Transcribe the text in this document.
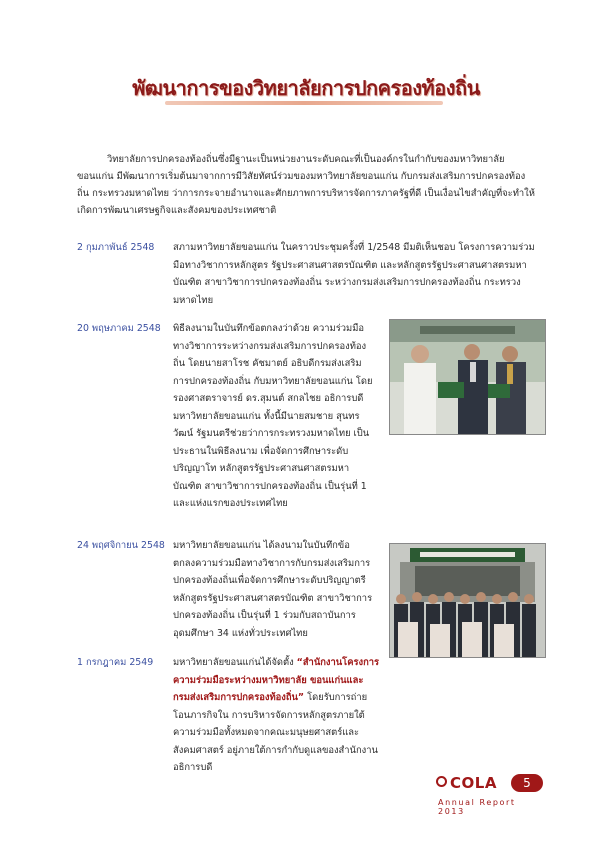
พัฒนาการของวิทยาลัยการปกครองท้องถิ่น
วิทยาลัยการปกครองท้องถิ่นซึ่งมีฐานะเป็นหน่วยงานระดับคณะที่เป็นองค์กรในกำกับของมหาวิทยาลัย
ขอนแก่น มีพัฒนาการเริ่มต้นมาจากการมีวิสัยทัศน์ร่วมของมหาวิทยาลัยขอนแก่น กับกรมส่งเสริมการปกครองท้อง
ถิ่น กระทรวงมหาดไทย ว่าการกระจายอำนาจและศักยภาพการบริหารจัดการภาครัฐที่ดี เป็นเงื่อนไขสำคัญที่จะทำให้
เกิดการพัฒนาเศรษฐกิจและสังคมของประเทศชาติ
2 กุมภาพันธ์ 2548	สภามหาวิทยาลัยขอนแก่น ในคราวประชุมครั้งที่ 1/2548 มีมติเห็นชอบ โครงการความร่วม
มือทางวิชาการหลักสูตร รัฐประศาสนศาสตรบัณฑิต และหลักสูตรรัฐประศาสนศาสตรมหา
บัณฑิต สาขาวิชาการปกครองท้องถิ่น ระหว่างกรมส่งเสริมการปกครองท้องถิ่น กระทรวง
มหาดไทย
20 พฤษภาคม 2548	พิธีลงนามในบันทึกข้อตกลงว่าด้วย ความร่วมมือ
ทางวิชาการระหว่างกรมส่งเสริมการปกครองท้อง
ถิ่น โดยนายสาโรช คัชมาตย์ อธิบดีกรมส่งเสริม
การปกครองท้องถิ่น กับมหาวิทยาลัยขอนแก่น โดย
รองศาสตราจารย์ ดร.สุมนต์ สกลไชย อธิการบดี
มหาวิทยาลัยขอนแก่น ทั้งนี้มีนายสมชาย สุนทร
วัฒน์ รัฐมนตรีช่วยว่าการกระทรวงมหาดไทย เป็น
ประธานในพิธีลงนาม เพื่อจัดการศึกษาระดับ
ปริญญาโท หลักสูตรรัฐประศาสนศาสตรมหา
บัณฑิต สาขาวิชาการปกครองท้องถิ่น เป็นรุ่นที่ 1
และแห่งแรกของประเทศไทย
24 พฤศจิกายน 2548 มหาวิทยาลัยขอนแก่น ได้ลงนามในบันทึกข้อ
ตกลงความร่วมมือทางวิชาการกับกรมส่งเสริมการ
ปกครองท้องถิ่นเพื่อจัดการศึกษาระดับปริญญาตรี
หลักสูตรรัฐประศาสนศาสตรบัณฑิต สาขาวิชาการ
ปกครองท้องถิ่น เป็นรุ่นที่ 1 ร่วมกับสถาบันการ
อุดมศึกษา 34 แห่งทั่วประเทศไทย
1 กรกฎาคม 2549	มหาวิทยาลัยขอนแก่นได้จัดตั้ง “สำนักงานโครงการ
ความร่วมมือระหว่างมหาวิทยาลัย ขอนแก่นและ
กรมส่งเสริมการปกครองท้องถิ่น” โดยรับการถ่าย
โอนภารกิจใน การบริหารจัดการหลักสูตรภายใต้
ความร่วมมือทั้งหมดจากคณะมนุษยศาสตร์และ
สังคมศาสตร์ อยู่ภายใต้การกำกับดูแลของสำนักงาน
อธิการบดี
COLA	5
Annual Report 2013
